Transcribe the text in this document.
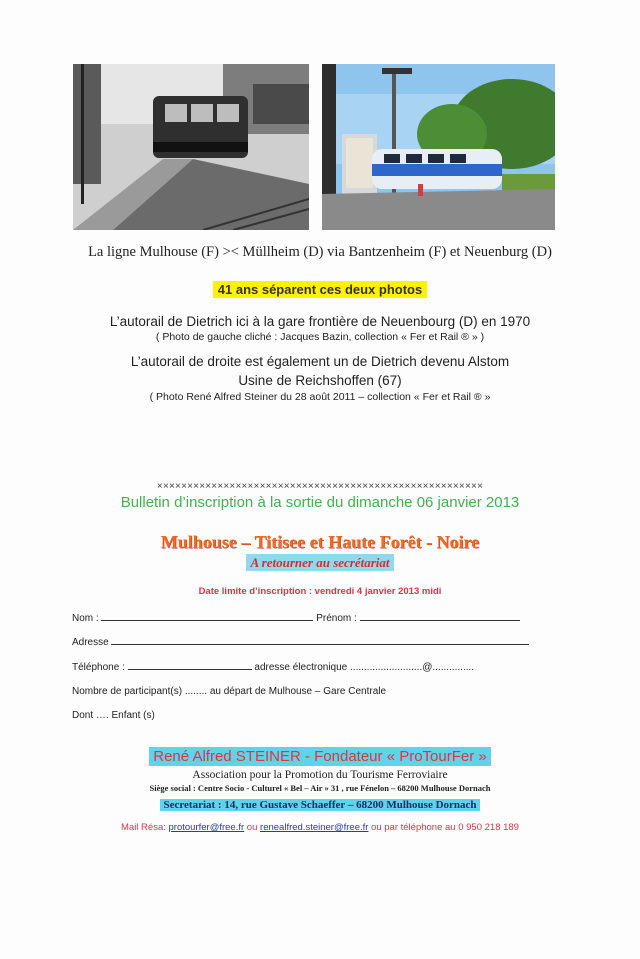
La ligne Mulhouse (F) >< Müllheim (D) via Bantzenheim (F) et Neuenburg (D)
41 ans séparent ces deux photos
L’autorail de Dietrich ici à la gare frontière de Neuenbourg (D) en 1970
( Photo de gauche cliché : Jacques Bazin, collection « Fer et Rail ® » )
L’autorail de droite est également un de Dietrich devenu Alstom
Usine de Reichshoffen (67)
( Photo René Alfred Steiner du 28 août 2011 – collection « Fer et Rail ® »
××××××××××××××××××××××××××××××××××××××××××××××××××××××
Bulletin d’inscription à la sortie du dimanche 06 janvier 2013
Mulhouse – Titisee et Haute Forêt - Noire
A retourner au secrétariat
Date limite d’inscription : vendredi 4 janvier 2013 midi
Nom :	Prénom :
Adresse
Téléphone :	adresse électronique ..........................@...............
Nombre de participant(s) ........ au départ de Mulhouse – Gare Centrale
Dont …. Enfant (s)
René Alfred STEINER - Fondateur « ProTourFer »
Association pour la Promotion du Tourisme Ferroviaire
Siège social : Centre Socio - Culturel « Bel – Air » 31 , rue Fénelon – 68200 Mulhouse Dornach
Secretariat : 14, rue Gustave Schaeffer – 68200 Mulhouse Dornach
Mail Résa: protourfer@free.fr ou renealfred.steiner@free.fr ou par téléphone au 0 950 218 189
